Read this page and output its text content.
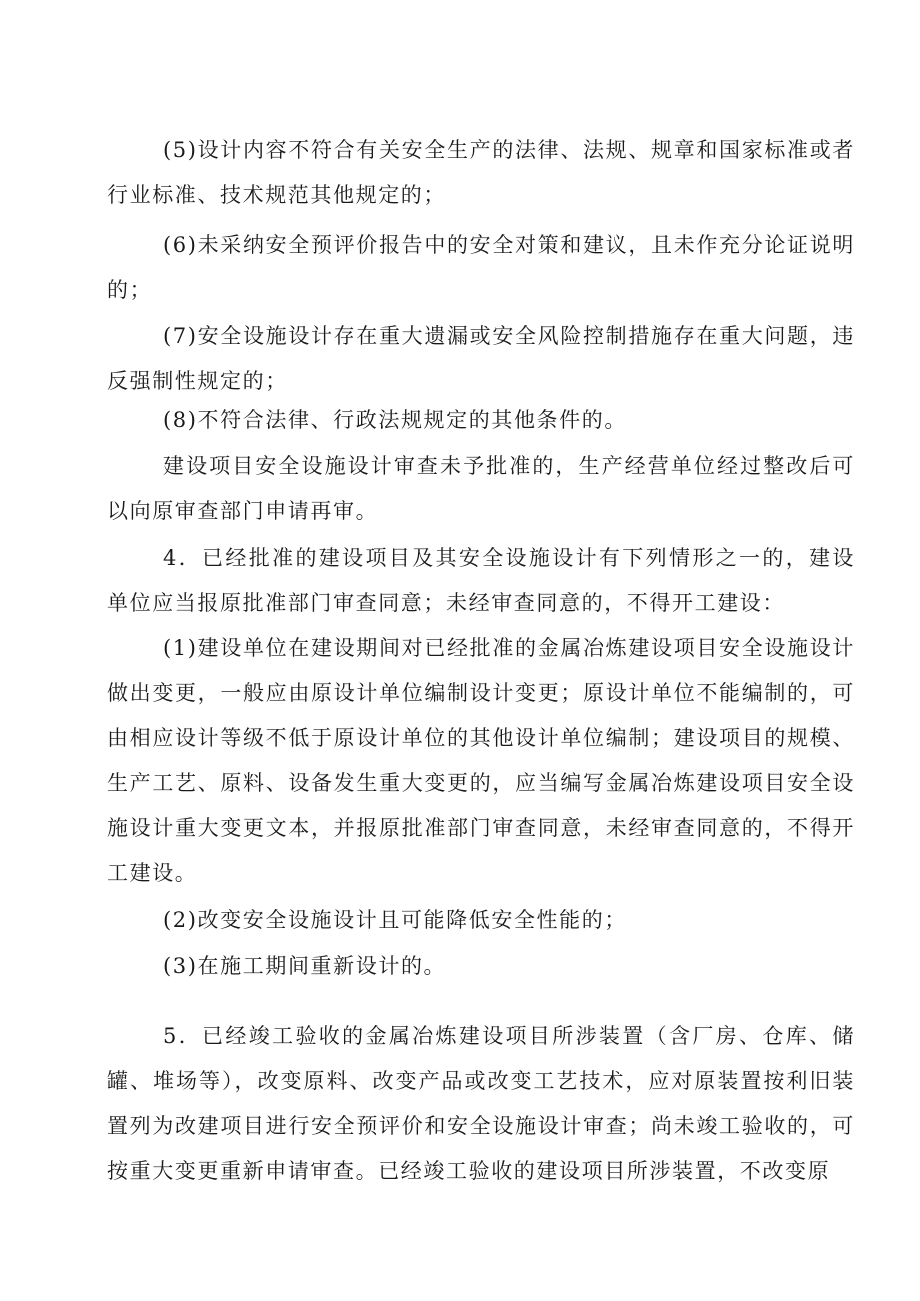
(5)设计内容不符合有关安全生产的法律、法规、规章和国家标准或者行业标准、技术规范其他规定的；

(6)未采纳安全预评价报告中的安全对策和建议，且未作充分论证说明的；

(7)安全设施设计存在重大遗漏或安全风险控制措施存在重大问题，违反强制性规定的；

(8)不符合法律、行政法规规定的其他条件的。

建设项目安全设施设计审查未予批准的，生产经营单位经过整改后可以向原审查部门申请再审。

4．已经批准的建设项目及其安全设施设计有下列情形之一的，建设单位应当报原批准部门审查同意；未经审查同意的，不得开工建设：

(1)建设单位在建设期间对已经批准的金属冶炼建设项目安全设施设计做出变更，一般应由原设计单位编制设计变更；原设计单位不能编制的，可由相应设计等级不低于原设计单位的其他设计单位编制；建设项目的规模、生产工艺、原料、设备发生重大变更的，应当编写金属冶炼建设项目安全设施设计重大变更文本，并报原批准部门审查同意，未经审查同意的，不得开工建设。

(2)改变安全设施设计且可能降低安全性能的；

(3)在施工期间重新设计的。

5．已经竣工验收的金属冶炼建设项目所涉装置（含厂房、仓库、储罐、堆场等），改变原料、改变产品或改变工艺技术，应对原装置按利旧装置列为改建项目进行安全预评价和安全设施设计审查；尚未竣工验收的，可按重大变更重新申请审查。已经竣工验收的建设项目所涉装置，不改变原
